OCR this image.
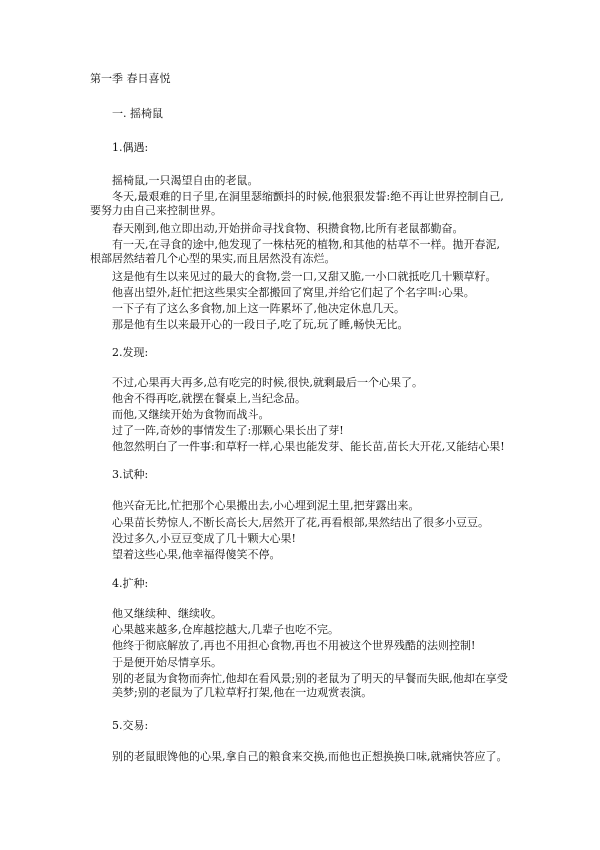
第一季 春日喜悦
一. 摇椅鼠
1.偶遇:
摇椅鼠,一只渴望自由的老鼠。
冬天,最艰难的日子里,在洞里瑟缩颤抖的时候,他狠狠发誓:绝不再让世界控制自己,要努力由自己来控制世界。
春天刚到,他立即出动,开始拼命寻找食物、积攒食物,比所有老鼠都勤奋。
有一天,在寻食的途中,他发现了一株枯死的植物,和其他的枯草不一样。拋开春泥,根部居然结着几个心型的果实,而且居然没有冻烂。
这是他有生以来见过的最大的食物,尝一口,又甜又脆,一小口就抵吃几十颗草籽。
他喜出望外,赶忙把这些果实全都搬回了窝里,并给它们起了个名字叫:心果。
一下子有了这么多食物,加上这一阵累坏了,他决定休息几天。
那是他有生以来最开心的一段日子,吃了玩,玩了睡,畅快无比。
2.发现:
不过,心果再大再多,总有吃完的时候,很快,就剩最后一个心果了。
他舍不得再吃,就摆在餐桌上,当纪念品。
而他,又继续开始为食物而战斗。
过了一阵,奇妙的事情发生了:那颗心果长出了芽!
他忽然明白了一件事:和草籽一样,心果也能发芽、能长苗,苗长大开花,又能结心果!
3.试种:
他兴奋无比,忙把那个心果搬出去,小心埋到泥土里,把芽露出来。
心果苗长势惊人,不断长高长大,居然开了花,再看根部,果然结出了很多小豆豆。
没过多久,小豆豆变成了几十颗大心果!
望着这些心果,他幸福得傻笑不停。
4.扩种:
他又继续种、继续收。
心果越来越多,仓库越挖越大,几辈子也吃不完。
他终于彻底解放了,再也不用担心食物,再也不用被这个世界残酷的法则控制!
于是便开始尽情享乐。
别的老鼠为食物而奔忙,他却在看风景;别的老鼠为了明天的早餐而失眠,他却在享受美梦;别的老鼠为了几粒草籽打架,他在一边观赏表演。
5.交易:
别的老鼠眼馋他的心果,拿自己的粮食来交换,而他也正想换换口味,就痛快答应了。
